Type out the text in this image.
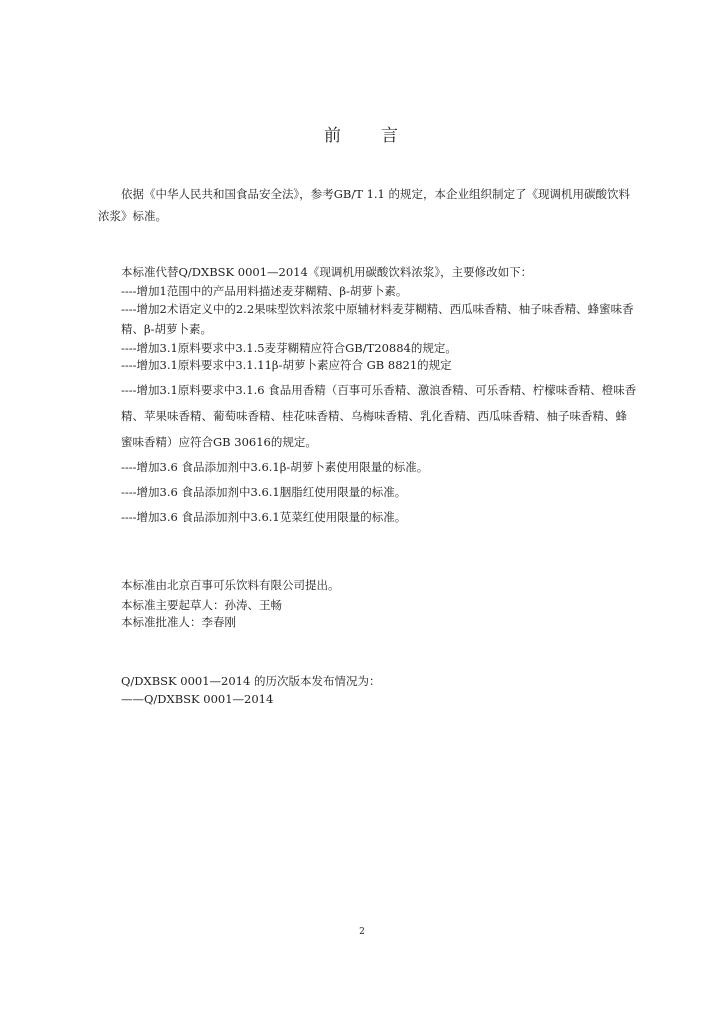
前 言

依据《中华人民共和国食品安全法》，参考GB/T 1.1 的规定，本企业组织制定了《现调机用碳酸饮料浓浆》标准。

本标准代替Q/DXBSK 0001—2014《现调机用碳酸饮料浓浆》，主要修改如下：

----增加1范围中的产品用料描述麦芽糊精、β-胡萝卜素。

----增加2术语定义中的2.2果味型饮料浓浆中原辅材料麦芽糊精、西瓜味香精、柚子味香精、蜂蜜味香精、β-胡萝卜素。

----增加3.1原料要求中3.1.5麦芽糊精应符合GB/T20884的规定。

----增加3.1原料要求中3.1.11β-胡萝卜素应符合 GB 8821的规定

----增加3.1原料要求中3.1.6 食品用香精（百事可乐香精、激浪香精、可乐香精、柠檬味香精、橙味香精、苹果味香精、葡萄味香精、桂花味香精、乌梅味香精、乳化香精、西瓜味香精、柚子味香精、蜂蜜味香精）应符合GB 30616的规定。

----增加3.6 食品添加剂中3.6.1β-胡萝卜素使用限量的标准。

----增加3.6 食品添加剂中3.6.1胭脂红使用限量的标准。

----增加3.6 食品添加剂中3.6.1苋菜红使用限量的标准。

本标准由北京百事可乐饮料有限公司提出。

本标准主要起草人：孙涛、王畅

本标准批准人：李春刚

Q/DXBSK 0001—2014 的历次版本发布情况为：

——Q/DXBSK 0001—2014

2
